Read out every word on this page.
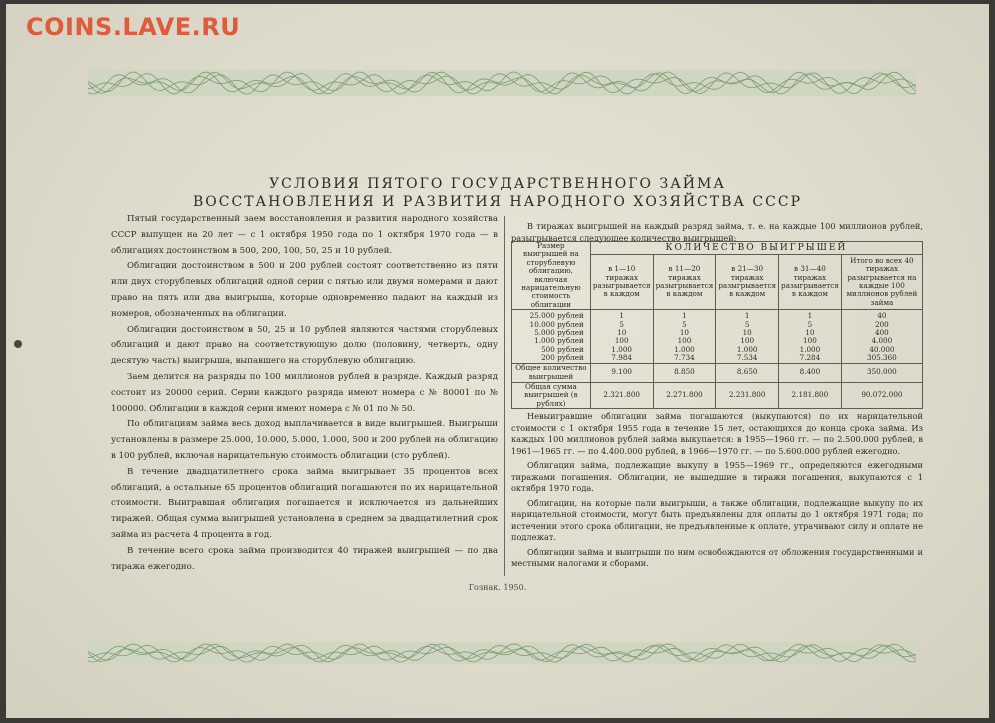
COINS.LAVE.RU
УСЛОВИЯ ПЯТОГО ГОСУДАРСТВЕННОГО ЗАЙМА
ВОССТАНОВЛЕНИЯ И РАЗВИТИЯ НАРОДНОГО ХОЗЯЙСТВА СССР

Пятый государственный заем восстановления и развития народного хозяйства СССР выпущен на 20 лет — с 1 октября 1950 года по 1 октября 1970 года — в облигациях достоинством в 500, 200, 100, 50, 25 и 10 рублей.

Облигации достоинством в 500 и 200 рублей состоят соответственно из пяти или двух сторублевых облигаций одной серии с пятью или двумя номерами и дают право на пять или два выигрыша, которые одновременно падают на каждый из номеров, обозначенных на облигации.

Облигации достоинством в 50, 25 и 10 рублей являются частями сторублевых облигаций и дают право на соответствующую долю (половину, четверть, одну десятую часть) выигрыша, выпавшего на сторублевую облигацию.

Заем делится на разряды по 100 миллионов рублей в разряде. Каждый разряд состоит из 20000 серий. Серии каждого разряда имеют номера с № 80001 по № 100000. Облигации в каждой серии имеют номера с № 01 по № 50.

По облигациям займа весь доход выплачивается в виде выигрышей. Выигрыши установлены в размере 25.000, 10.000, 5.000, 1.000, 500 и 200 рублей на облигацию в 100 рублей, включая нарицательную стоимость облигации (сто рублей).

В течение двадцатилетнего срока займа выигрывает 35 процентов всех облигаций, а остальные 65 процентов облигаций погашаются по их нарицательной стоимости. Выигравшая облигация погашается и исключается из дальнейших тиражей. Общая сумма выигрышей установлена в среднем за двадцатилетний срок займа из расчета 4 процента в год.

В течение всего срока займа производится 40 тиражей выигрышей — по два тиража ежегодно.

В тиражах выигрышей на каждый разряд займа, т. е. на каждые 100 миллионов рублей, разыгрывается следующее количество выигрышей:

Размер выигрышей на сторублевую облигацию, включая нарицательную стоимость облигации	КОЛИЧЕСТВО ВЫИГРЫШЕЙ				
	в 1—10 тиражах разыгрывается в каждом	в 11—20 тиражах разыгрывается в каждом	в 21—30 тиражах разыгрывается в каждом	в 31—40 тиражах разыгрывается в каждом	Итого во всех 40 тиражах разыгрывается на каждые 100 миллионов рублей займа
25.000 рублей	1	1	1	1	40
10.000 рублей	5	5	5	5	200
5.000 рублей	10	10	10	10	400
1.000 рублей	100	100	100	100	4.000
500 рублей	1.000	1.000	1.000	1.000	40.000
200 рублей	7.984	7.734	7.534	7.284	305.360
Общее количество выигрышей	9.100	8.850	8.650	8.400	350.000
Общая сумма выигрышей (в рублях)	2.321.800	2.271.800	2.231.800	2.181.800	90.072.000

Невыигравшие облигации займа погашаются (выкупаются) по их нарицательной стоимости с 1 октября 1955 года в течение 15 лет, остающихся до конца срока займа. Из каждых 100 миллионов рублей займа выкупается: в 1955—1960 гг. — по 2.500.000 рублей, в 1961—1965 гг. — по 4.400.000 рублей, в 1966—1970 гг. — по 5.600.000 рублей ежегодно.

Облигации займа, подлежащие выкупу в 1955—1969 гг., определяются ежегодными тиражами погашения. Облигации, не вышедшие в тиражи погашения, выкупаются с 1 октября 1970 года.

Облигации, на которые пали выигрыши, а также облигации, подлежащие выкупу по их нарицательной стоимости, могут быть предъявлены для оплаты до 1 октября 1971 года; по истечении этого срока облигации, не предъявленные к оплате, утрачивают силу и оплате не подлежат.

Облигации займа и выигрыши по ним освобождаются от обложения государственными и местными налогами и сборами.

Гознак. 1950.
